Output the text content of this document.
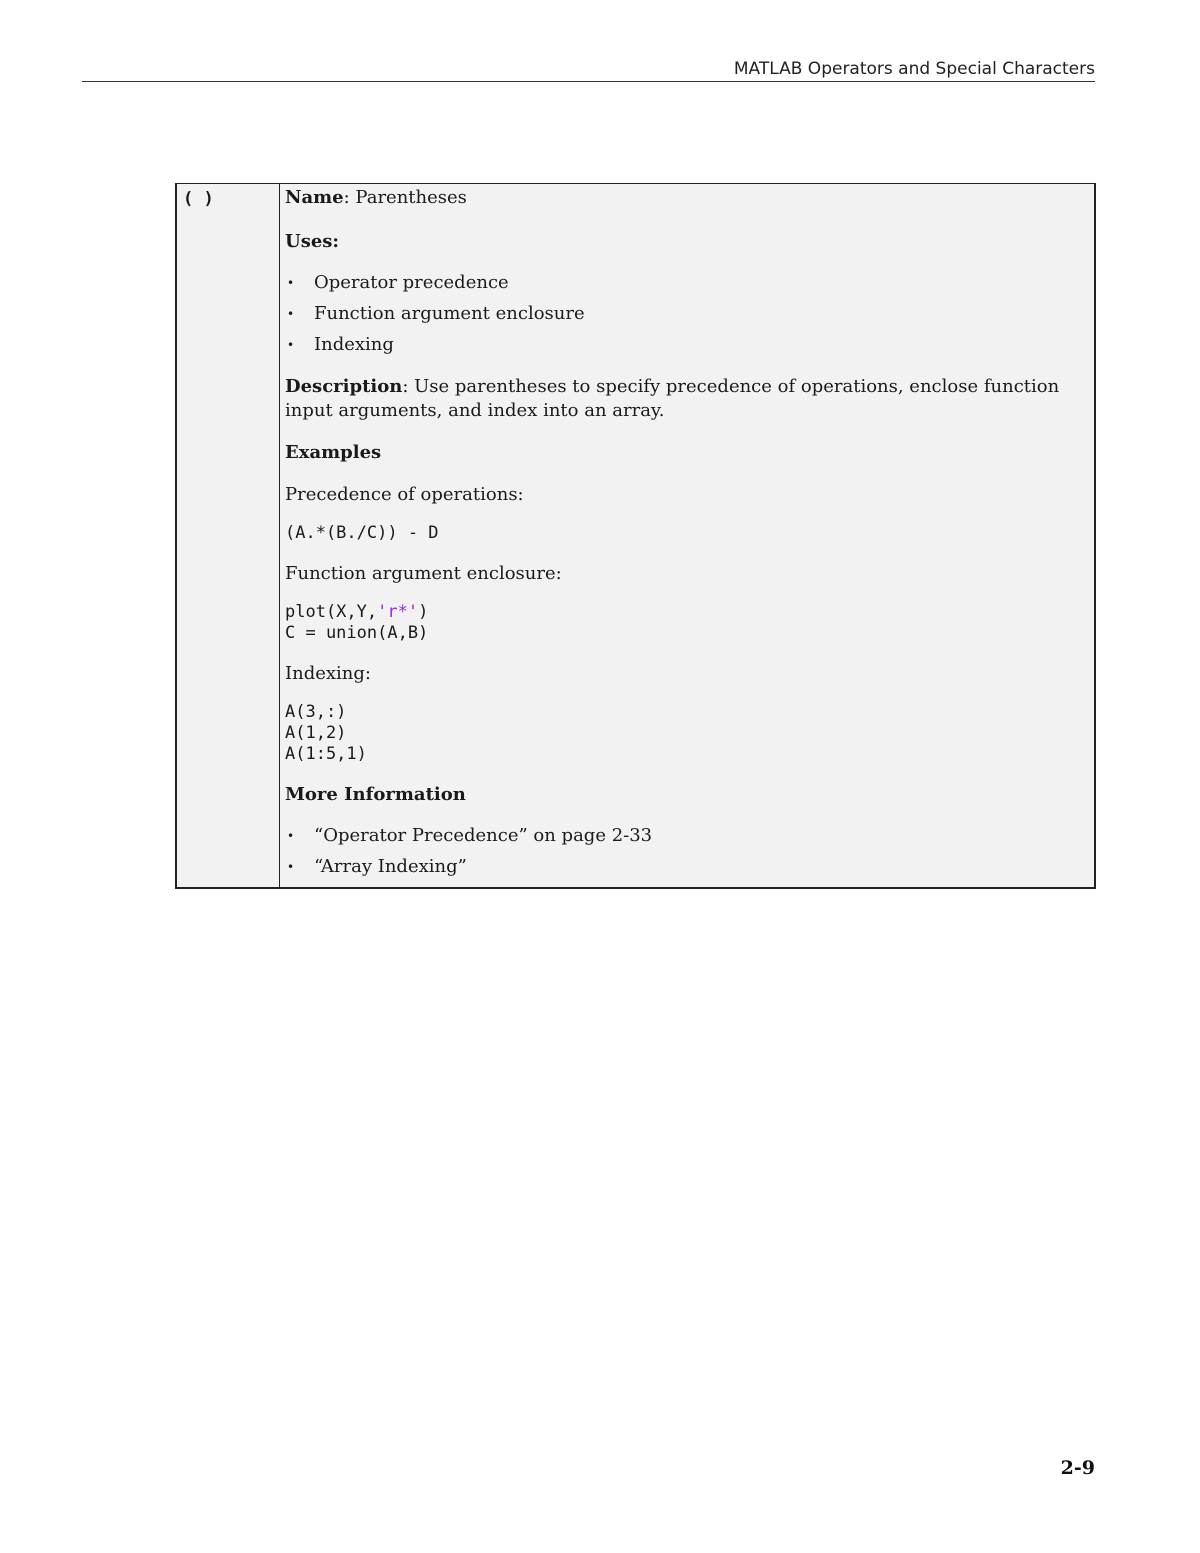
MATLAB Operators and Special Characters
( )	Name: Parentheses

Uses:

• Operator precedence
• Function argument enclosure
• Indexing

Description: Use parentheses to specify precedence of operations, enclose function input arguments, and index into an array.

Examples

Precedence of operations:

(A.*(B./C)) - D

Function argument enclosure:

plot(X,Y,'r*')
C = union(A,B)

Indexing:

A(3,:)
A(1,2)
A(1:5,1)

More Information

• “Operator Precedence” on page 2-33
• “Array Indexing”
2-9
